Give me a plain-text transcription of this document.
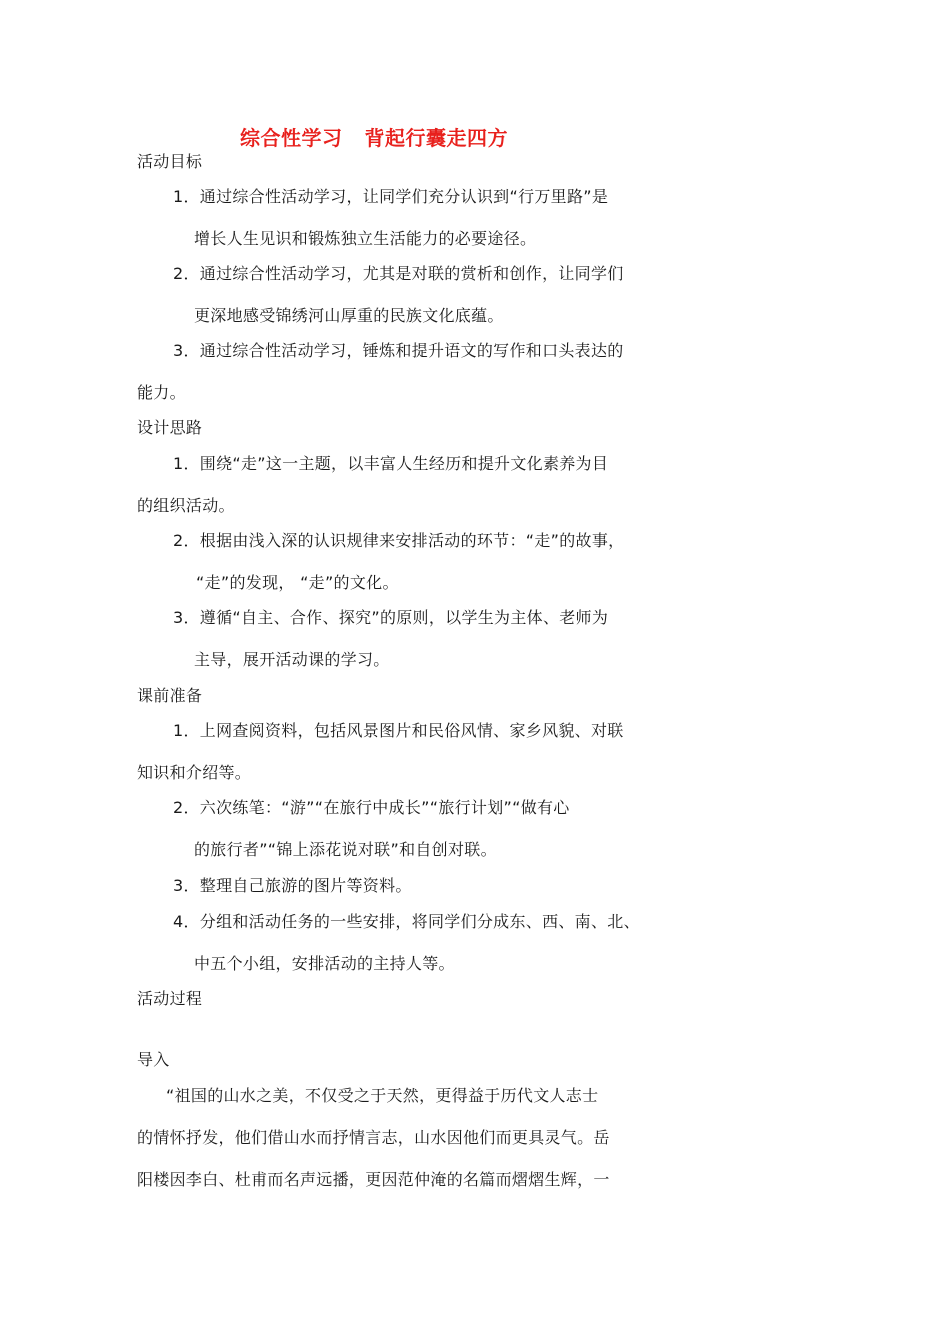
综合性学习 背起行囊走四方
活动目标
1．通过综合性活动学习，让同学们充分认识到“行万里路”是
增长人生见识和锻炼独立生活能力的必要途径。
2．通过综合性活动学习，尤其是对联的赏析和创作，让同学们
更深地感受锦绣河山厚重的民族文化底蕴。
3．通过综合性活动学习，锤炼和提升语文的写作和口头表达的
能力。
设计思路
1．围绕“走”这一主题，以丰富人生经历和提升文化素养为目
的组织活动。
2．根据由浅入深的认识规律来安排活动的环节：“走”的故事，
“走”的发现， “走”的文化。
3．遵循“自主、合作、探究”的原则，以学生为主体、老师为
主导，展开活动课的学习。
课前准备
1．上网查阅资料，包括风景图片和民俗风情、家乡风貌、对联
知识和介绍等。
2．六次练笔：“游”“在旅行中成长”“旅行计划”“做有心
的旅行者”“锦上添花说对联”和自创对联。
3．整理自己旅游的图片等资料。
4．分组和活动任务的一些安排，将同学们分成东、西、南、北、
中五个小组，安排活动的主持人等。
活动过程
导入
“祖国的山水之美，不仅受之于天然，更得益于历代文人志士
的情怀抒发，他们借山水而抒情言志，山水因他们而更具灵气。岳
阳楼因李白、杜甫而名声远播，更因范仲淹的名篇而熠熠生辉，一
